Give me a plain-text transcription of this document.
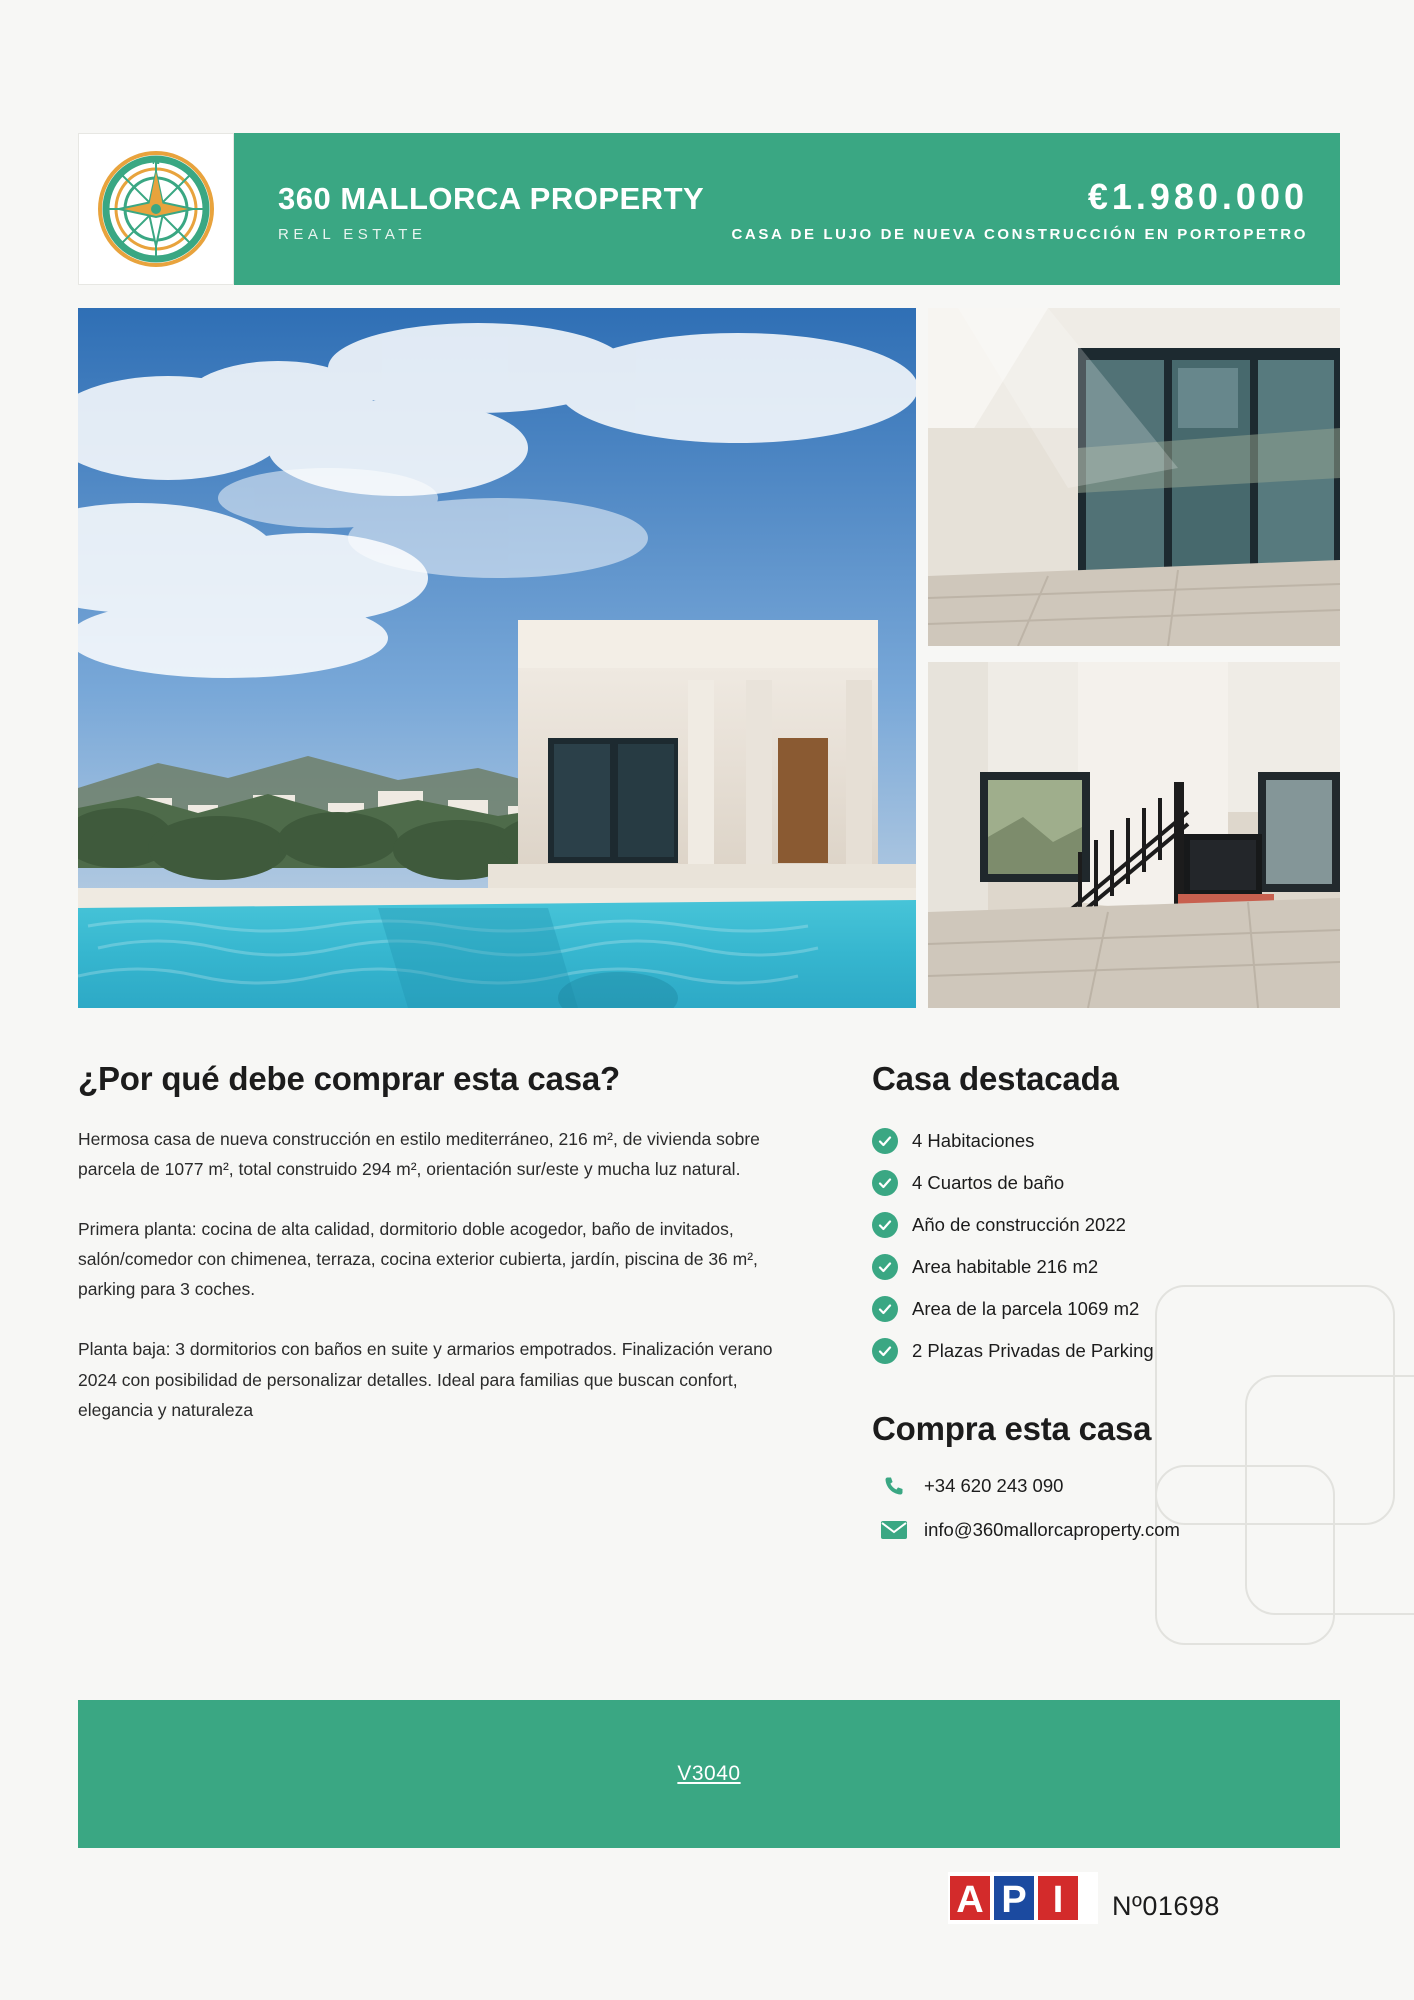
360 MALLORCA PROPERTY	€1.980.000
REAL ESTATE	CASA DE LUJO DE NUEVA CONSTRUCCIÓN EN PORTOPETRO
N
¿Por qué debe comprar esta casa?

Hermosa casa de nueva construcción en estilo mediterráneo, 216 m², de vivienda sobre parcela de 1077 m², total construido 294 m², orientación sur/este y mucha luz natural.

Primera planta: cocina de alta calidad, dormitorio doble acogedor, baño de invitados, salón/comedor con chimenea, terraza, cocina exterior cubierta, jardín, piscina de 36 m², parking para 3 coches.

Planta baja: 3 dormitorios con baños en suite y armarios empotrados. Finalización verano 2024 con posibilidad de personalizar detalles. Ideal para familias que buscan confort, elegancia y naturaleza

Casa destacada
4 Habitaciones
4 Cuartos de baño
Año de construcción 2022
Area habitable 216 m2
Area de la parcela 1069 m2
2 Plazas Privadas de Parking
Compra esta casa
+34 620 243 090
info@360mallorcaproperty.com
V3040
A P I Nº01698
